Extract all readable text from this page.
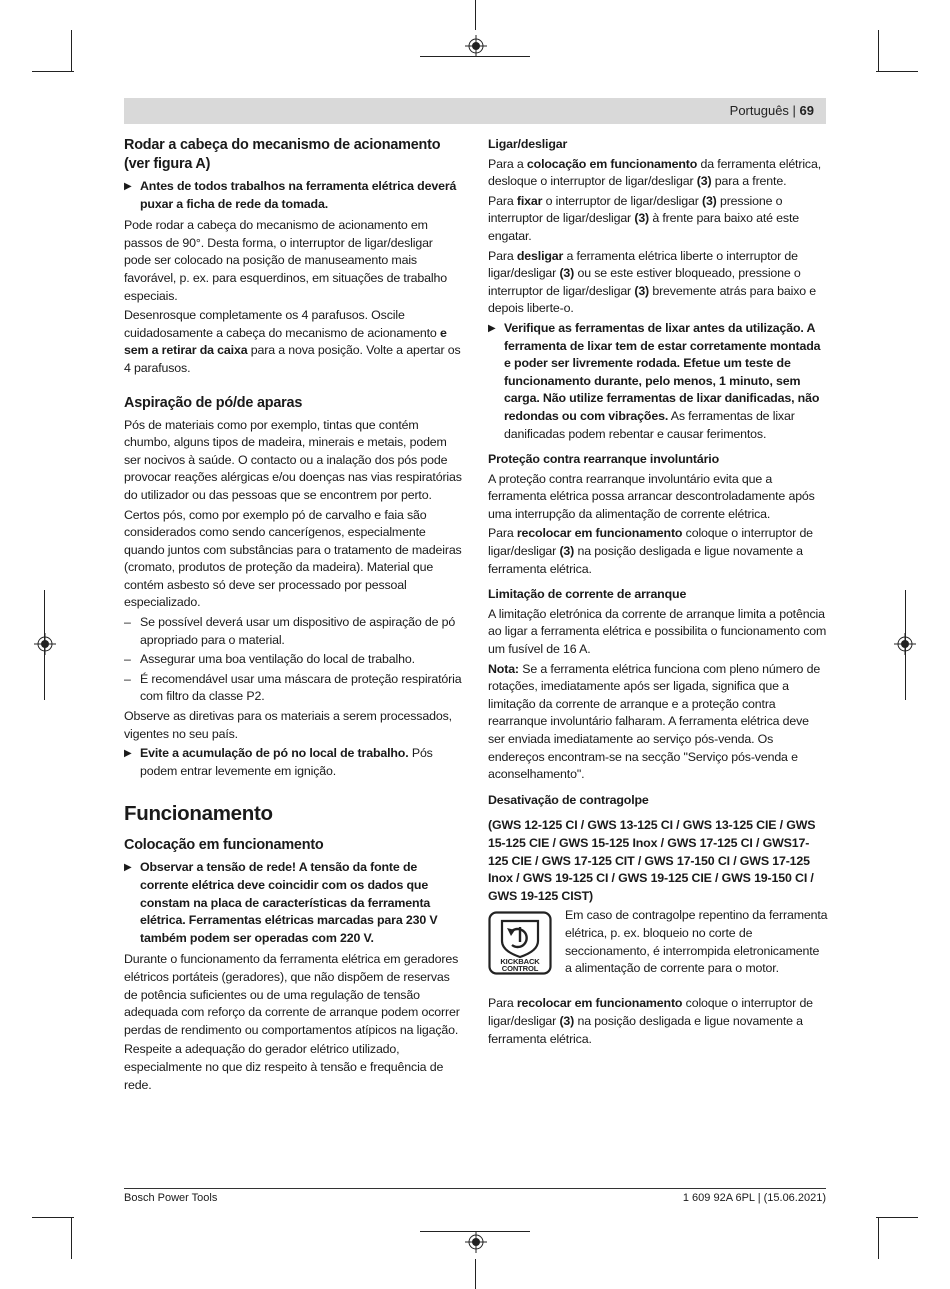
Português | 69
Rodar a cabeça do mecanismo de acionamento (ver figura A)
▶ Antes de todos trabalhos na ferramenta elétrica deverá puxar a ficha de rede da tomada.

Pode rodar a cabeça do mecanismo de acionamento em passos de 90°. Desta forma, o interruptor de ligar/desligar pode ser colocado na posição de manuseamento mais favorável, p. ex. para esquerdinos, em situações de trabalho especiais.

Desenrosque completamente os 4 parafusos. Oscile cuidadosamente a cabeça do mecanismo de acionamento e sem a retirar da caixa para a nova posição. Volte a apertar os 4 parafusos.

Aspiração de pó/de aparas

Pós de materiais como por exemplo, tintas que contém chumbo, alguns tipos de madeira, minerais e metais, podem ser nocivos à saúde. O contacto ou a inalação dos pós pode provocar reações alérgicas e/ou doenças nas vias respiratórias do utilizador ou das pessoas que se encontrem por perto.

Certos pós, como por exemplo pó de carvalho e faia são considerados como sendo cancerígenos, especialmente quando juntos com substâncias para o tratamento de madeiras (cromato, produtos de proteção da madeira). Material que contém asbesto só deve ser processado por pessoal especializado.

– Se possível deverá usar um dispositivo de aspiração de pó apropriado para o material.
– Assegurar uma boa ventilação do local de trabalho.
– É recomendável usar uma máscara de proteção respiratória com filtro da classe P2.

Observe as diretivas para os materiais a serem processados, vigentes no seu país.

▶ Evite a acumulação de pó no local de trabalho. Pós podem entrar levemente em ignição.
Funcionamento
Colocação em funcionamento
▶ Observar a tensão de rede! A tensão da fonte de corrente elétrica deve coincidir com os dados que constam na placa de características da ferramenta elétrica. Ferramentas elétricas marcadas para 230 V também podem ser operadas com 220 V.

Durante o funcionamento da ferramenta elétrica em geradores elétricos portáteis (geradores), que não dispõem de reservas de potência suficientes ou de uma regulação de tensão adequada com reforço da corrente de arranque podem ocorrer perdas de rendimento ou comportamentos atípicos na ligação.

Respeite a adequação do gerador elétrico utilizado, especialmente no que diz respeito à tensão e frequência de rede.

Ligar/desligar

Para a colocação em funcionamento da ferramenta elétrica, desloque o interruptor de ligar/desligar (3) para a frente.

Para fixar o interruptor de ligar/desligar (3) pressione o interruptor de ligar/desligar (3) à frente para baixo até este engatar.

Para desligar a ferramenta elétrica liberte o interruptor de ligar/desligar (3) ou se este estiver bloqueado, pressione o interruptor de ligar/desligar (3) brevemente atrás para baixo e depois liberte-o.

▶ Verifique as ferramentas de lixar antes da utilização. A ferramenta de lixar tem de estar corretamente montada e poder ser livremente rodada. Efetue um teste de funcionamento durante, pelo menos, 1 minuto, sem carga. Não utilize ferramentas de lixar danificadas, não redondas ou com vibrações. As ferramentas de lixar danificadas podem rebentar e causar ferimentos.
Proteção contra rearranque involuntário

A proteção contra rearranque involuntário evita que a ferramenta elétrica possa arrancar descontroladamente após uma interrupção da alimentação de corrente elétrica.

Para recolocar em funcionamento coloque o interruptor de ligar/desligar (3) na posição desligada e ligue novamente a ferramenta elétrica.

Limitação de corrente de arranque

A limitação eletrónica da corrente de arranque limita a potência ao ligar a ferramenta elétrica e possibilita o funcionamento com um fusível de 16 A.

Nota: Se a ferramenta elétrica funciona com pleno número de rotações, imediatamente após ser ligada, significa que a limitação da corrente de arranque e a proteção contra rearranque involuntário falharam. A ferramenta elétrica deve ser enviada imediatamente ao serviço pós-venda. Os endereços encontram-se na secção "Serviço pós-venda e aconselhamento".

Desativação de contragolpe

(GWS 12-125 CI / GWS 13-125 CI / GWS 13-125 CIE / GWS 15-125 CIE / GWS 15-125 Inox / GWS 17-125 CI / GWS17-125 CIE / GWS 17-125 CIT / GWS 17-150 CI / GWS 17-125 Inox / GWS 19-125 CI / GWS 19-125 CIE / GWS 19-150 CI / GWS 19-125 CIST)

KICKBACK
CONTROL
Em caso de contragolpe repentino da ferramenta elétrica, p. ex. bloqueio no corte de seccionamento, é interrompida eletronicamente a alimentação de corrente para o motor.

Para recolocar em funcionamento coloque o interruptor de ligar/desligar (3) na posição desligada e ligue novamente a ferramenta elétrica.

Bosch Power Tools	1 609 92A 6PL | (15.06.2021)
